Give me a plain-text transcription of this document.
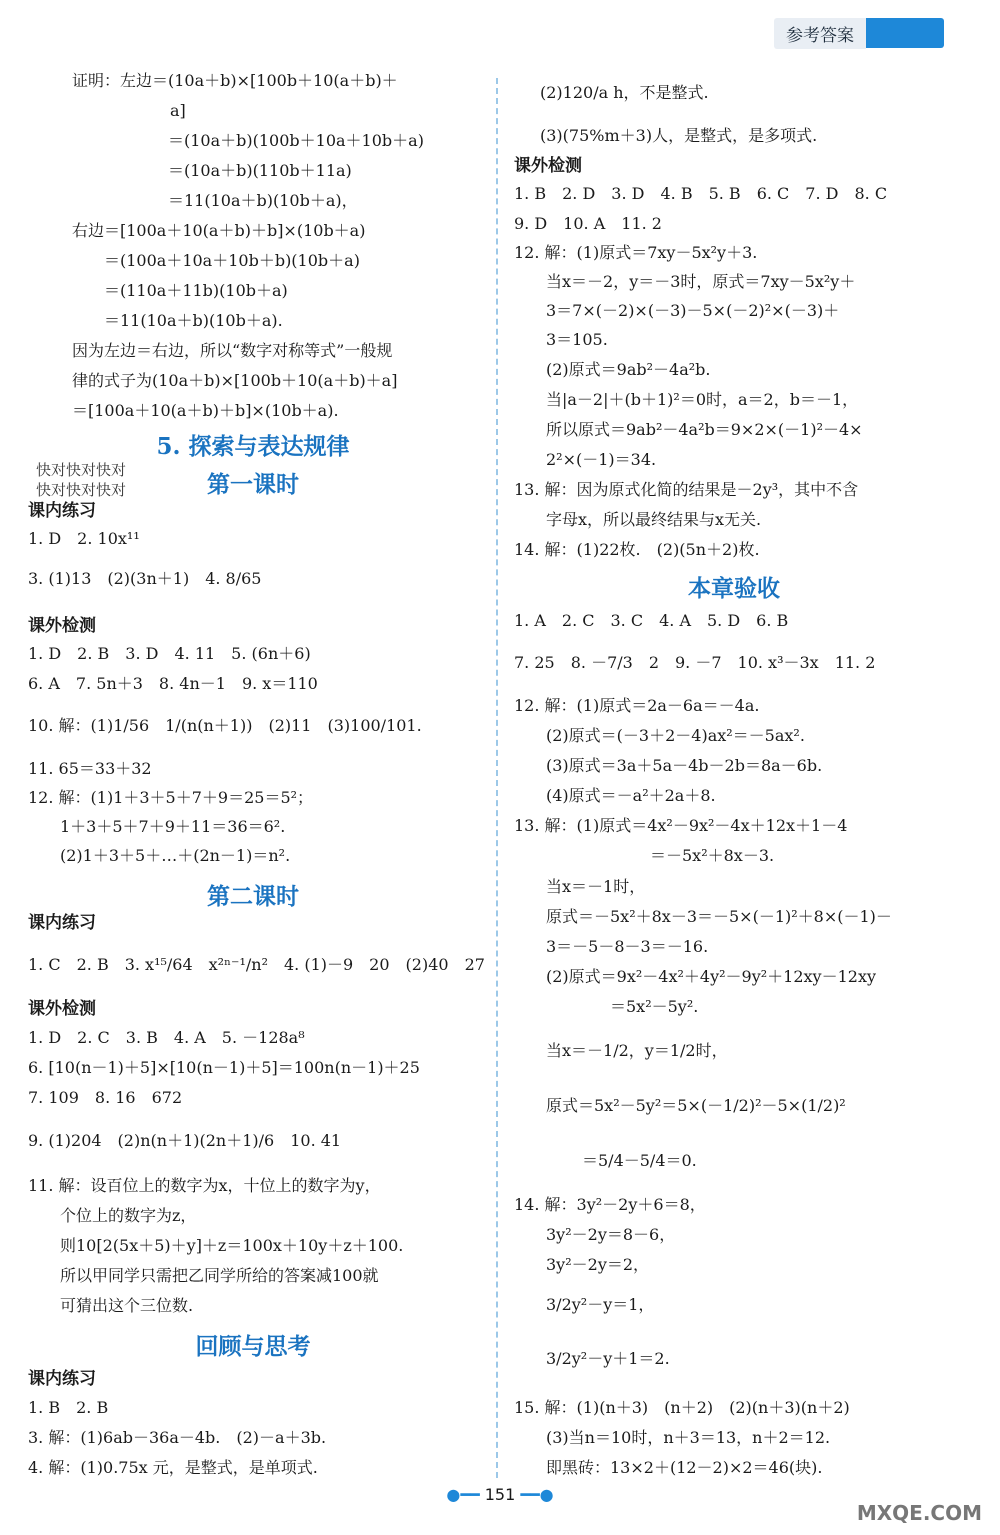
参考答案
证明：左边＝(10a＋b)×[100b＋10(a＋b)＋
a]
＝(10a＋b)(100b＋10a＋10b＋a)
＝(10a＋b)(110b＋11a)
＝11(10a＋b)(10b＋a)，
右边＝[100a＋10(a＋b)＋b]×(10b＋a)
＝(100a＋10a＋10b＋b)(10b＋a)
＝(110a＋11b)(10b＋a)
＝11(10a＋b)(10b＋a).
因为左边＝右边，所以“数字对称等式”一般规
律的式子为(10a＋b)×[100b＋10(a＋b)＋a]
＝[100a＋10(a＋b)＋b]×(10b＋a).
5. 探索与表达规律
第一课时
课内练习
1. D　2. 10x¹¹
3. (1)13　(2)(3n＋1)　4. 8/65
课外检测
1. D　2. B　3. D　4. 11　5. (6n＋6)
6. A　7. 5n＋3　8. 4n－1　9. x＝110
10. 解：(1)1/56　1/(n(n＋1))　(2)11　(3)100/101.
11. 65＝33＋32
12. 解：(1)1＋3＋5＋7＋9＝25＝5²；
1＋3＋5＋7＋9＋11＝36＝6².
(2)1＋3＋5＋…＋(2n－1)＝n².
第二课时
课内练习
1. C　2. B　3. x¹⁵/64　x²ⁿ⁻¹/n²　4. (1)－9　20　(2)40　27
课外检测
1. D　2. C　3. B　4. A　5. －128a⁸
6. [10(n－1)＋5]×[10(n－1)＋5]＝100n(n－1)＋25
7. 109　8. 16　672
9. (1)204　(2)n(n＋1)(2n＋1)/6　10. 41
11. 解：设百位上的数字为x，十位上的数字为y，
个位上的数字为z，
则10[2(5x＋5)＋y]＋z＝100x＋10y＋z＋100.
所以甲同学只需把乙同学所给的答案减100就
可猜出这个三位数.
回顾与思考
课内练习
1. B　2. B
3. 解：(1)6ab－36a－4b.　(2)－a＋3b.
4. 解：(1)0.75x 元，是整式，是单项式.
快对快对快对
快对快对快对
(2)120/a h，不是整式.
(3)(75%m＋3)人，是整式，是多项式.
课外检测
1. B　2. D　3. D　4. B　5. B　6. C　7. D　8. C
9. D　10. A　11. 2
12. 解：(1)原式＝7xy－5x²y＋3.
当x＝－2，y＝－3时，原式＝7xy－5x²y＋
3＝7×(－2)×(－3)－5×(－2)²×(－3)＋
3＝105.
(2)原式＝9ab²－4a²b.
当|a－2|＋(b＋1)²＝0时，a＝2，b＝－1，
所以原式＝9ab²－4a²b＝9×2×(－1)²－4×
2²×(－1)＝34.
13. 解：因为原式化简的结果是－2y³，其中不含
字母x，所以最终结果与x无关.
14. 解：(1)22枚.　(2)(5n＋2)枚.
本章验收
1. A　2. C　3. C　4. A　5. D　6. B
7. 25　8. －7/3　2　9. －7　10. x³－3x　11. 2
12. 解：(1)原式＝2a－6a＝－4a.
(2)原式＝(－3＋2－4)ax²＝－5ax².
(3)原式＝3a＋5a－4b－2b＝8a－6b.
(4)原式＝－a²＋2a＋8.
13. 解：(1)原式＝4x²－9x²－4x＋12x＋1－4
＝－5x²＋8x－3.
当x＝－1时，
原式＝－5x²＋8x－3＝－5×(－1)²＋8×(－1)－
3＝－5－8－3＝－16.
(2)原式＝9x²－4x²＋4y²－9y²＋12xy－12xy
＝5x²－5y².
当x＝－1/2，y＝1/2时，
原式＝5x²－5y²＝5×(－1/2)²－5×(1/2)²
＝5/4－5/4＝0.
14. 解：3y²－2y＋6＝8，
3y²－2y＝8－6，
3y²－2y＝2，
3/2y²－y＝1，
3/2y²－y＋1＝2.
15. 解：(1)(n＋3)　(n＋2)　(2)(n＋3)(n＋2)
(3)当n＝10时，n＋3＝13，n＋2＝12.
即黑砖：13×2＋(12－2)×2＝46(块).
●━━ 151 ━━●
MXQE.COM
